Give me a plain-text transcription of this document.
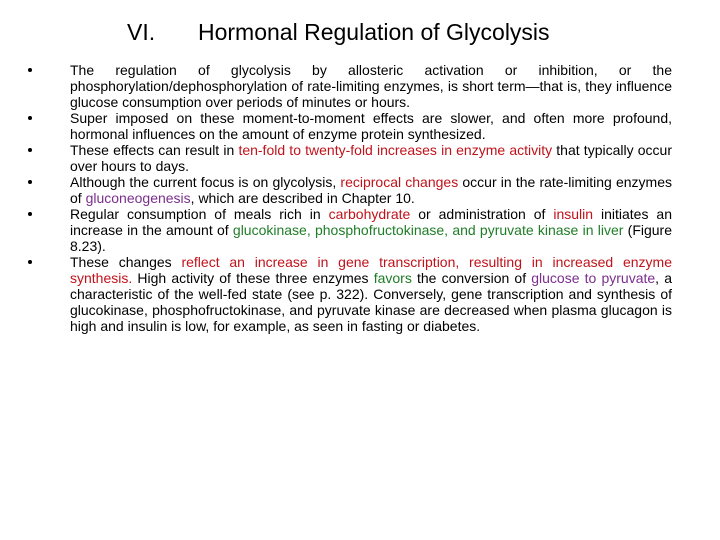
VI. Hormonal Regulation of Glycolysis
The regulation of glycolysis by allosteric activation or inhibition, or the phosphorylation/dephosphorylation of rate-limiting enzymes, is short term—that is, they influence glucose consumption over periods of minutes or hours.
Super imposed on these moment-to-moment effects are slower, and often more profound, hormonal influences on the amount of enzyme protein synthesized.
These effects can result in ten-fold to twenty-fold increases in enzyme activity that typically occur over hours to days.
Although the current focus is on glycolysis, reciprocal changes occur in the rate-limiting enzymes of gluconeogenesis, which are described in Chapter 10.
Regular consumption of meals rich in carbohydrate or administration of insulin initiates an increase in the amount of glucokinase, phosphofructokinase, and pyruvate kinase in liver (Figure 8.23).
These changes reflect an increase in gene transcription, resulting in increased enzyme synthesis. High activity of these three enzymes favors the conversion of glucose to pyruvate, a characteristic of the well-fed state (see p. 322). Conversely, gene transcription and synthesis of glucokinase, phosphofructokinase, and pyruvate kinase are decreased when plasma glucagon is high and insulin is low, for example, as seen in fasting or diabetes.
